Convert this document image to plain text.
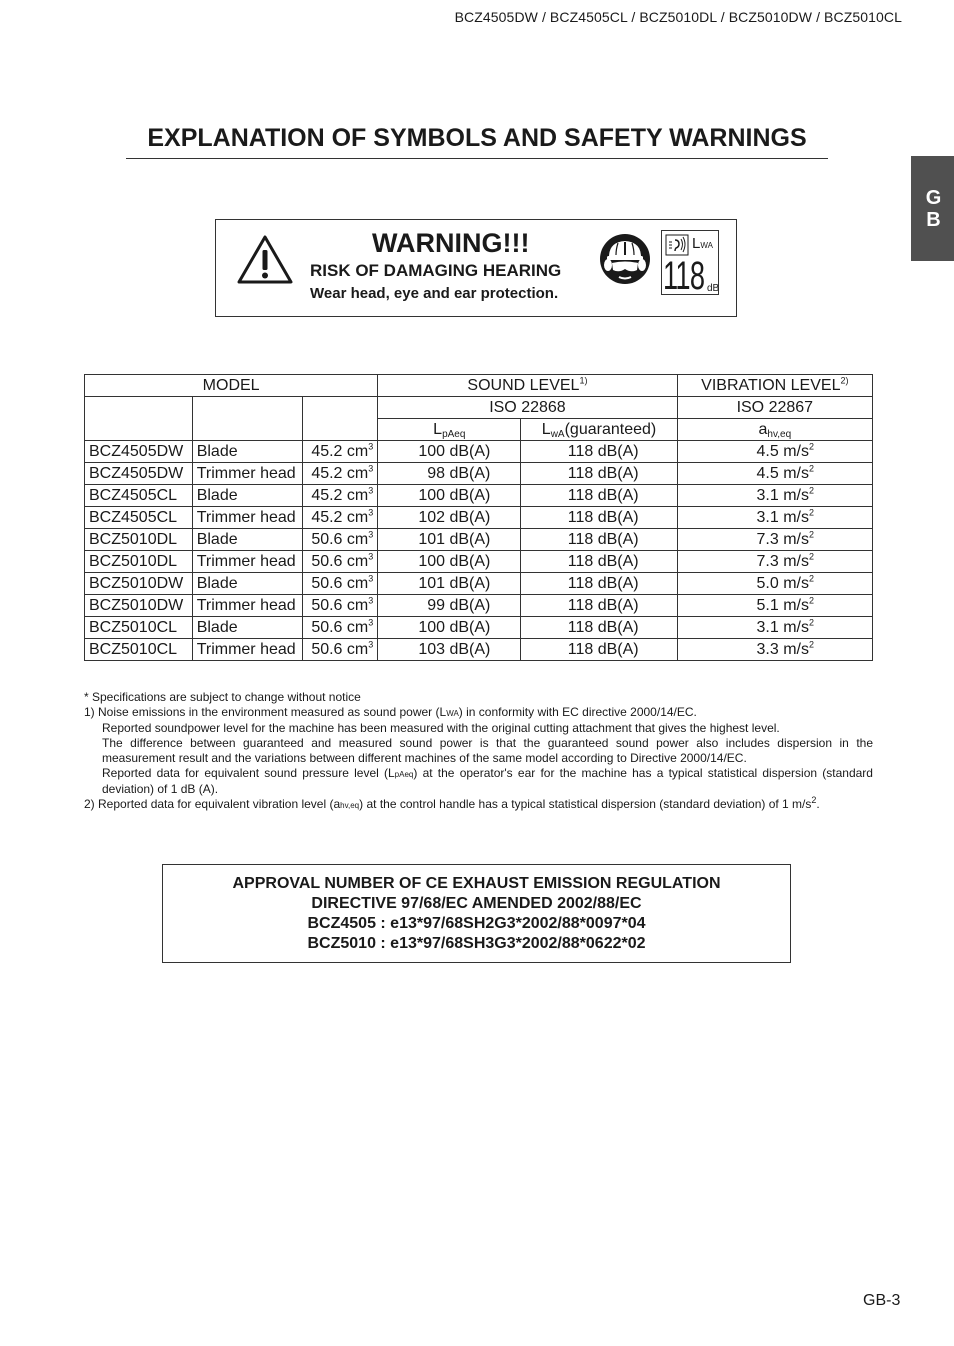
BCZ4505DW / BCZ4505CL / BCZ5010DL / BCZ5010DW / BCZ5010CL
G
B
EXPLANATION OF SYMBOLS AND SAFETY WARNINGS
WARNING!!!
RISK OF DAMAGING HEARING
Wear head, eye and ear protection.
LWA
118 dB
MODEL			SOUND LEVEL$^{1)}$		VIBRATION LEVEL$^{2)}$
			ISO 22868		ISO 22867
			$L_{pAeq}$	$L_{wA}(guaranteed)$	$a_{hv,eq}$
BCZ4505DW	Blade	45.2 $cm^3$	100 dB(A)	118 dB(A)	4.5 $m/s^2$
BCZ4505DW	Trimmer head	45.2 $cm^3$	98 dB(A)	118 dB(A)	4.5 $m/s^2$
BCZ4505CL	Blade	45.2 $cm^3$	100 dB(A)	118 dB(A)	3.1 $m/s^2$
BCZ4505CL	Trimmer head	45.2 $cm^3$	102 dB(A)	118 dB(A)	3.1 $m/s^2$
BCZ5010DL	Blade	50.6 $cm^3$	101 dB(A)	118 dB(A)	7.3 $m/s^2$
BCZ5010DL	Trimmer head	50.6 $cm^3$	100 dB(A)	118 dB(A)	7.3 $m/s^2$
BCZ5010DW	Blade	50.6 $cm^3$	101 dB(A)	118 dB(A)	5.0 $m/s^2$
BCZ5010DW	Trimmer head	50.6 $cm^3$	99 dB(A)	118 dB(A)	5.1 $m/s^2$
BCZ5010CL	Blade	50.6 $cm^3$	100 dB(A)	118 dB(A)	3.1 $m/s^2$
BCZ5010CL	Trimmer head	50.6 $cm^3$	103 dB(A)	118 dB(A)	3.3 $m/s^2$

* Specifications are subject to change without notice

1) Noise emissions in the environment measured as sound power (LWA) in conformity with EC directive 2000/14/EC.

Reported soundpower level for the machine has been measured with the original cutting attachment that gives the highest level.

The difference between guaranteed and measured sound power is that the guaranteed sound power also includes dispersion in the measurement result and the variations between different machines of the same model according to Directive 2000/14/EC.

Reported data for equivalent sound pressure level (LpAeq) at the operator's ear for the machine has a typical statistical dispersion (standard deviation) of 1 dB (A).

2) Reported data for equivalent vibration level (ahv,eq) at the control handle has a typical statistical dispersion (standard deviation) of 1 $m/s^2$.

APPROVAL NUMBER OF CE EXHAUST EMISSION REGULATION
DIRECTIVE 97/68/EC AMENDED 2002/88/EC
BCZ4505 : e13*97/68SH2G3*2002/88*0097*04
BCZ5010 : e13*97/68SH3G3*2002/88*0622*02
GB-3
